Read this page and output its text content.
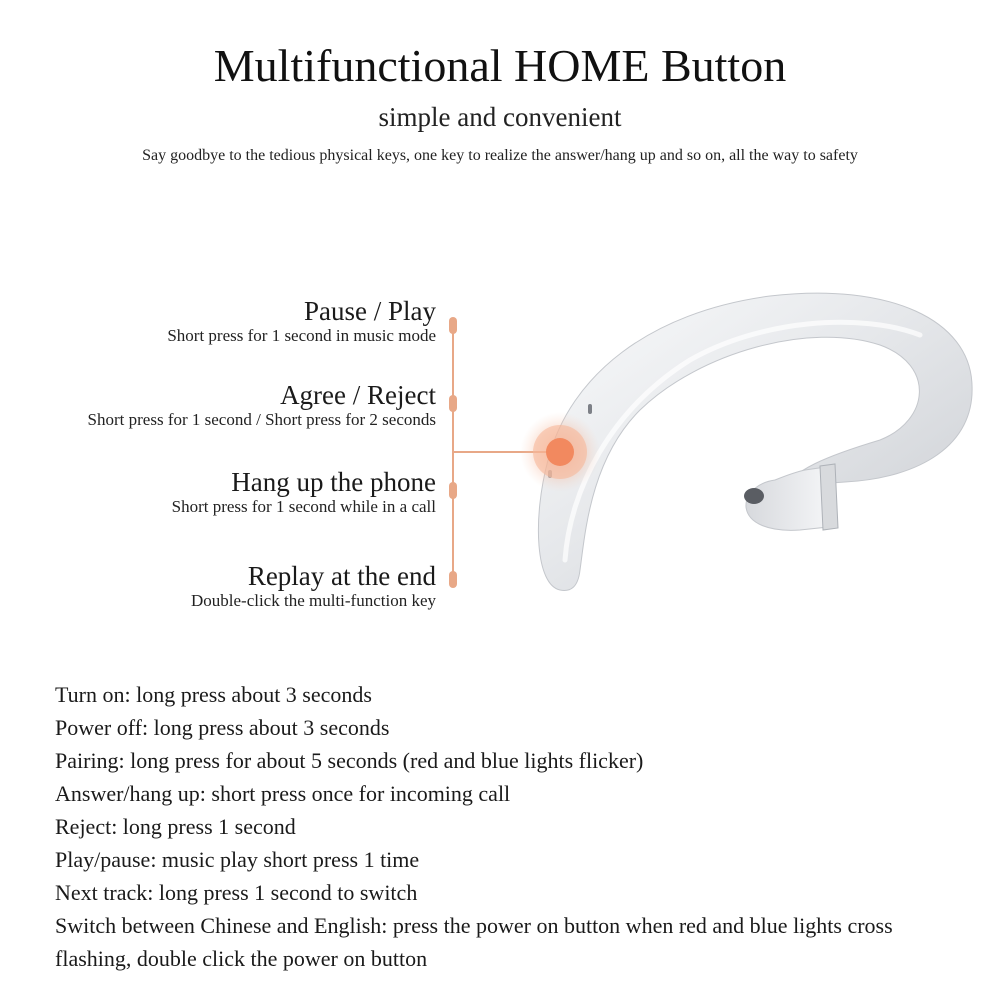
Multifunctional HOME Button
simple and convenient
Say goodbye to the tedious physical keys, one key to realize the answer/hang up and so on, all the way to safety
Pause / Play
Short press for 1 second in music mode
Agree / Reject
Short press for 1 second / Short press for 2 seconds
Hang up the phone
Short press for 1 second while in a call
Replay at the end
Double-click the multi-function key
Turn on: long press about 3 seconds
Power off: long press about 3 seconds
Pairing: long press for about 5 seconds (red and blue lights flicker)
Answer/hang up: short press once for incoming call
Reject: long press 1 second
Play/pause: music play short press 1 time
Next track: long press 1 second to switch
Switch between Chinese and English: press the power on button when red and blue lights cross flashing, double click the power on button
